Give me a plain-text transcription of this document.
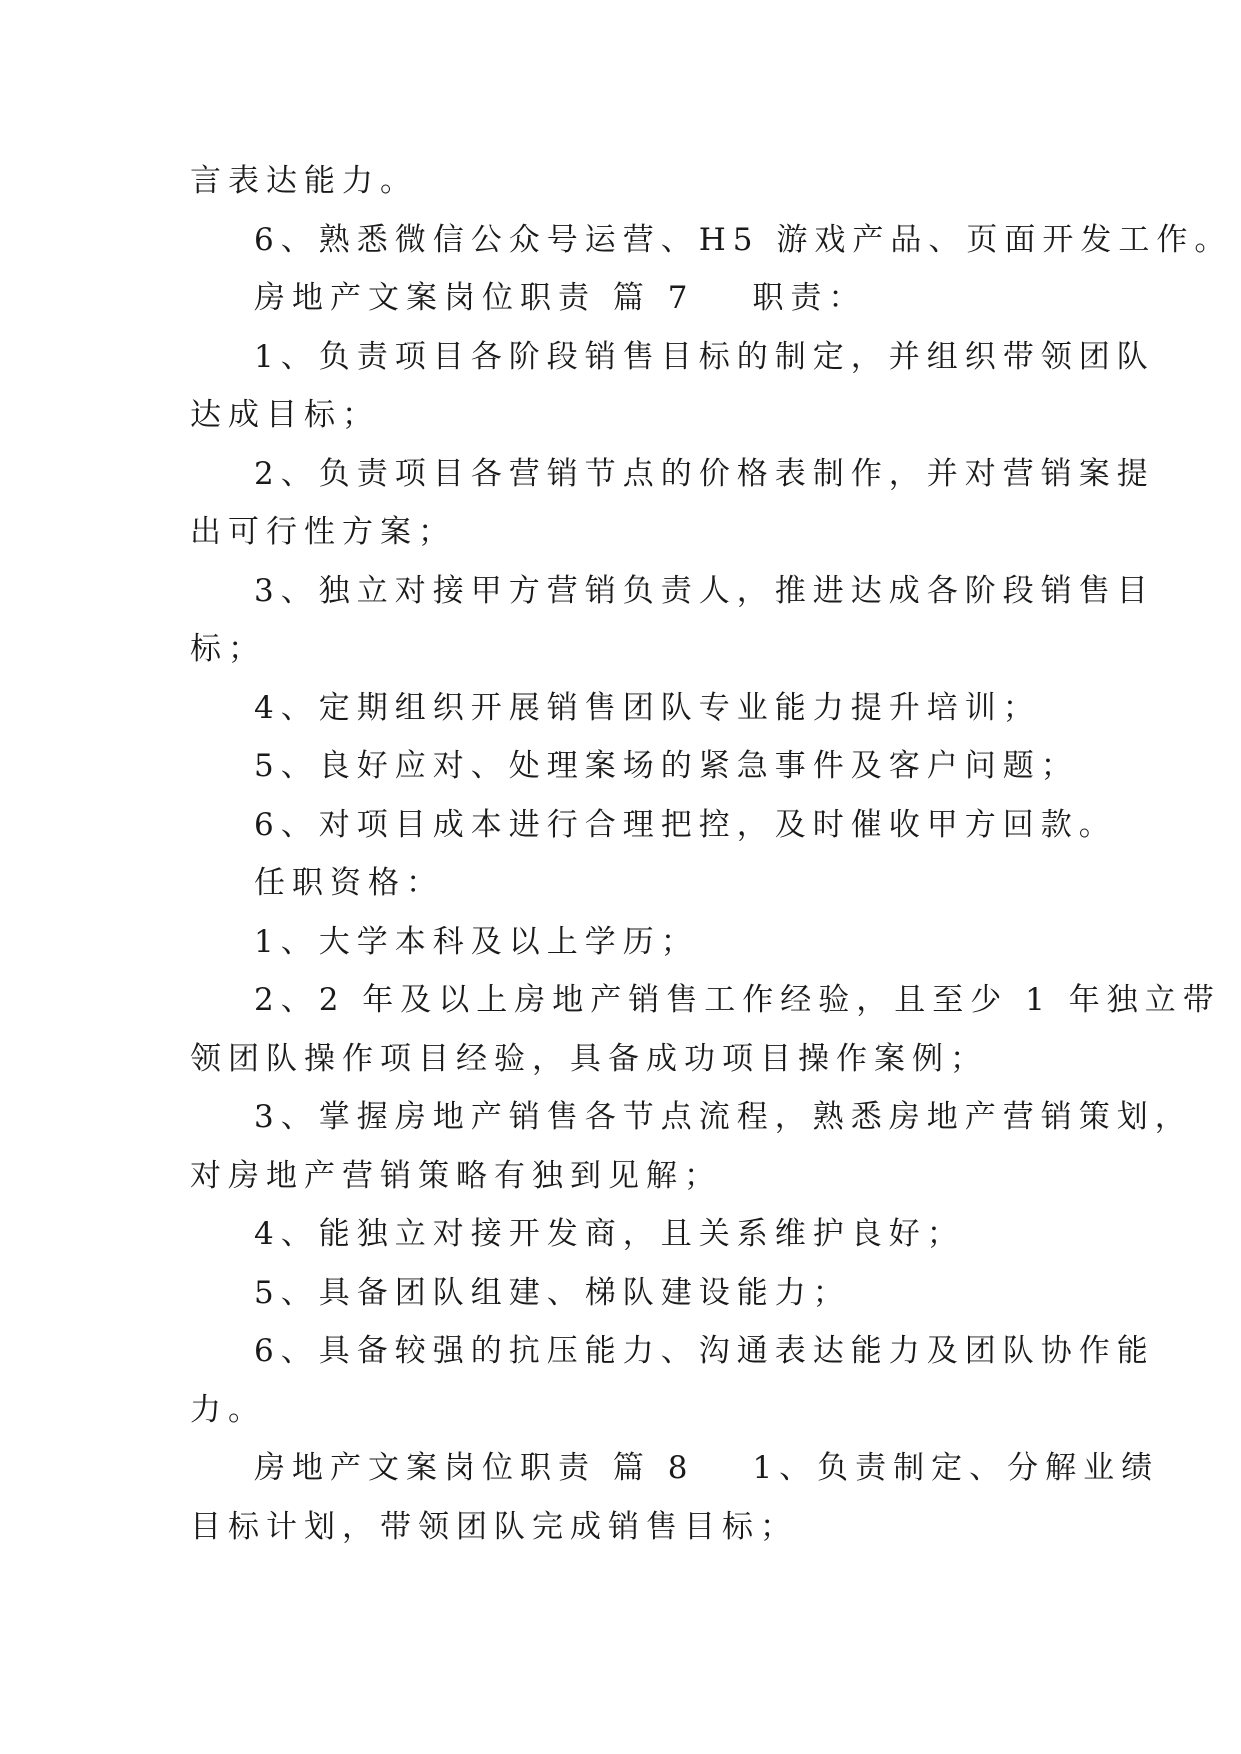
言表达能力。
6、熟悉微信公众号运营、H5 游戏产品、页面开发工作。
房地产文案岗位职责 篇 7 职责：
1、负责项目各阶段销售目标的制定，并组织带领团队
达成目标；
2、负责项目各营销节点的价格表制作，并对营销案提
出可行性方案；
3、独立对接甲方营销负责人，推进达成各阶段销售目
标；
4、定期组织开展销售团队专业能力提升培训；
5、良好应对、处理案场的紧急事件及客户问题；
6、对项目成本进行合理把控，及时催收甲方回款。
任职资格：
1、大学本科及以上学历；
2、2 年及以上房地产销售工作经验，且至少 1 年独立带
领团队操作项目经验，具备成功项目操作案例；
3、掌握房地产销售各节点流程，熟悉房地产营销策划，
对房地产营销策略有独到见解；
4、能独立对接开发商，且关系维护良好；
5、具备团队组建、梯队建设能力；
6、具备较强的抗压能力、沟通表达能力及团队协作能
力。
房地产文案岗位职责 篇 8 1、负责制定、分解业绩
目标计划，带领团队完成销售目标；
